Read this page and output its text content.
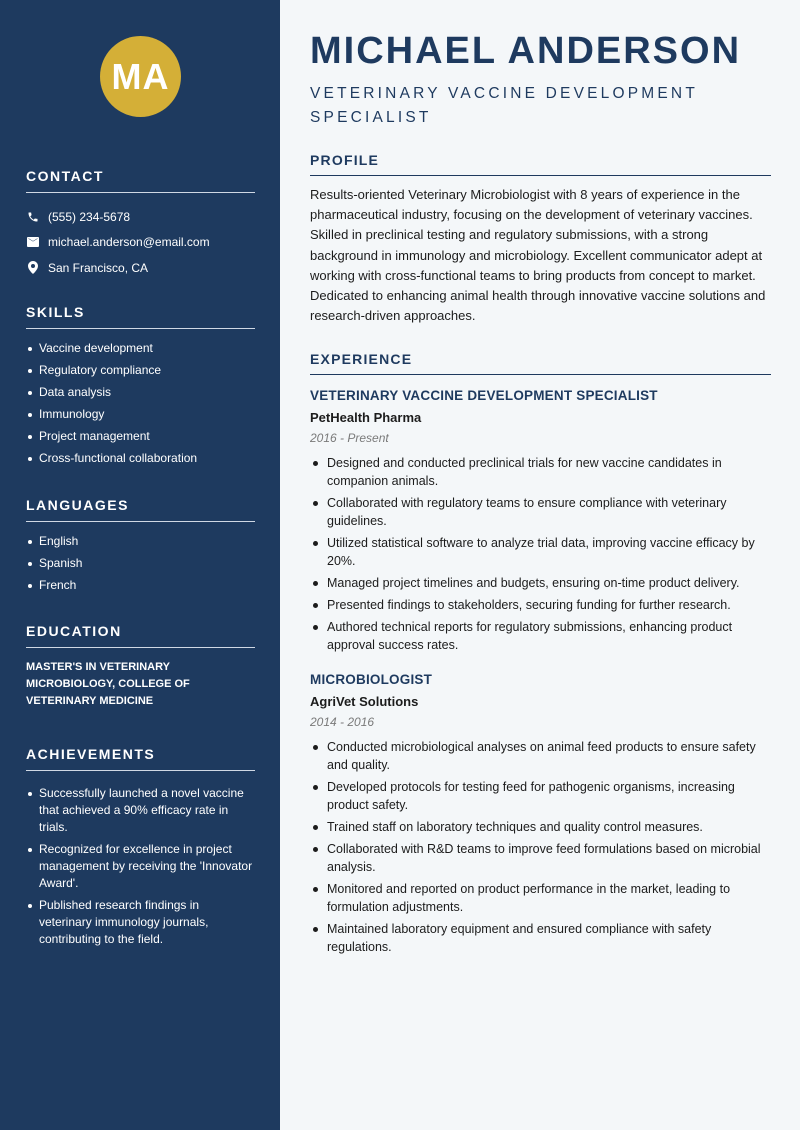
MA
CONTACT
(555) 234-5678
michael.anderson@email.com
San Francisco, CA
SKILLS
Vaccine development
Regulatory compliance
Data analysis
Immunology
Project management
Cross-functional collaboration
LANGUAGES
English
Spanish
French
EDUCATION
MASTER'S IN VETERINARY MICROBIOLOGY, COLLEGE OF VETERINARY MEDICINE
ACHIEVEMENTS
Successfully launched a novel vaccine that achieved a 90% efficacy rate in trials.
Recognized for excellence in project management by receiving the 'Innovator Award'.
Published research findings in veterinary immunology journals, contributing to the field.
MICHAEL ANDERSON
VETERINARY VACCINE DEVELOPMENT SPECIALIST
PROFILE

Results-oriented Veterinary Microbiologist with 8 years of experience in the pharmaceutical industry, focusing on the development of veterinary vaccines. Skilled in preclinical testing and regulatory submissions, with a strong background in immunology and microbiology. Excellent communicator adept at working with cross-functional teams to bring products from concept to market. Dedicated to enhancing animal health through innovative vaccine solutions and research-driven approaches.

EXPERIENCE
VETERINARY VACCINE DEVELOPMENT SPECIALIST
PetHealth Pharma
2016 - Present
Designed and conducted preclinical trials for new vaccine candidates in companion animals.
Collaborated with regulatory teams to ensure compliance with veterinary guidelines.
Utilized statistical software to analyze trial data, improving vaccine efficacy by 20%.
Managed project timelines and budgets, ensuring on-time product delivery.
Presented findings to stakeholders, securing funding for further research.
Authored technical reports for regulatory submissions, enhancing product approval success rates.
MICROBIOLOGIST
AgriVet Solutions
2014 - 2016
Conducted microbiological analyses on animal feed products to ensure safety and quality.
Developed protocols for testing feed for pathogenic organisms, increasing product safety.
Trained staff on laboratory techniques and quality control measures.
Collaborated with R&D teams to improve feed formulations based on microbial analysis.
Monitored and reported on product performance in the market, leading to formulation adjustments.
Maintained laboratory equipment and ensured compliance with safety regulations.
